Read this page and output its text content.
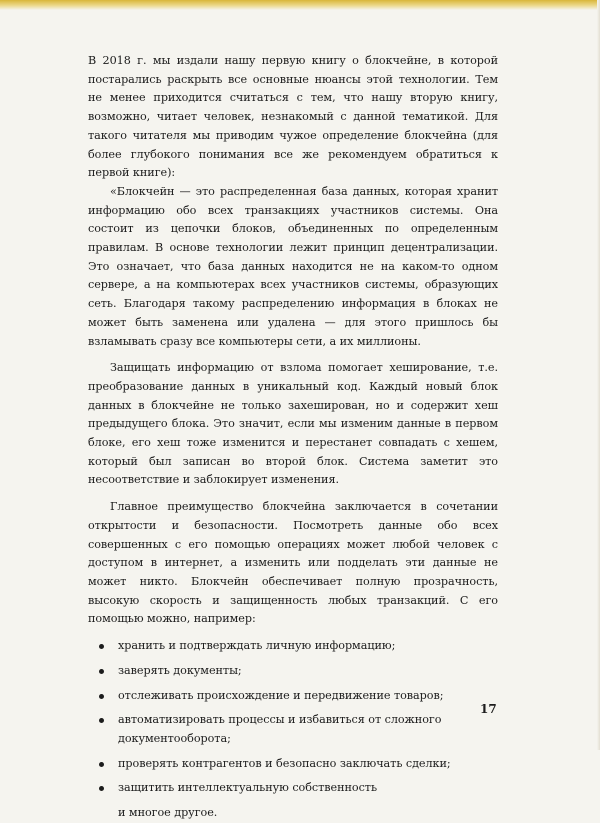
В 2018 г. мы издали нашу первую книгу о блокчейне, в которой постарались раскрыть все основные нюансы этой технологии. Тем не менее приходится считаться с тем, что нашу вторую книгу, возможно, читает человек, незнакомый с данной тематикой. Для такого читателя мы приводим чужое определение блокчейна (для более глубокого понимания все же рекомендуем обратиться к первой книге):

«Блокчейн — это распределенная база данных, которая хранит информацию обо всех транзакциях участников системы. Она состоит из цепочки блоков, объединенных по определенным правилам. В основе технологии лежит принцип децентрализации. Это означает, что база данных находится не на каком-то одном сервере, а на компьютерах всех участников системы, образующих сеть. Благодаря такому распределению информация в блоках не может быть заменена или удалена — для этого пришлось бы взламывать сразу все компьютеры сети, а их миллионы.

Защищать информацию от взлома помогает хеширование, т.е. преобразование данных в уникальный код. Каждый новый блок данных в блокчейне не только захеширован, но и содержит хеш предыдущего блока. Это значит, если мы изменим данные в первом блоке, его хеш тоже изменится и перестанет совпадать с хешем, который был записан во второй блок. Система заметит это несоответствие и заблокирует изменения.

Главное преимущество блокчейна заключается в сочетании открытости и безопасности. Посмотреть данные обо всех совершенных с его помощью операциях может любой человек с доступом в интернет, а изменить или подделать эти данные не может никто. Блокчейн обеспечивает полную прозрачность, высокую скорость и защищенность любых транзакций. С его помощью можно, например:

хранить и подтверждать личную информацию;
заверять документы;
отслеживать происхождение и передвижение товаров;
автоматизировать процессы и избавиться от сложного документооборота;
проверять контрагентов и безопасно заключать сделки;
защитить интеллектуальную собственность

и многое другое.

17
